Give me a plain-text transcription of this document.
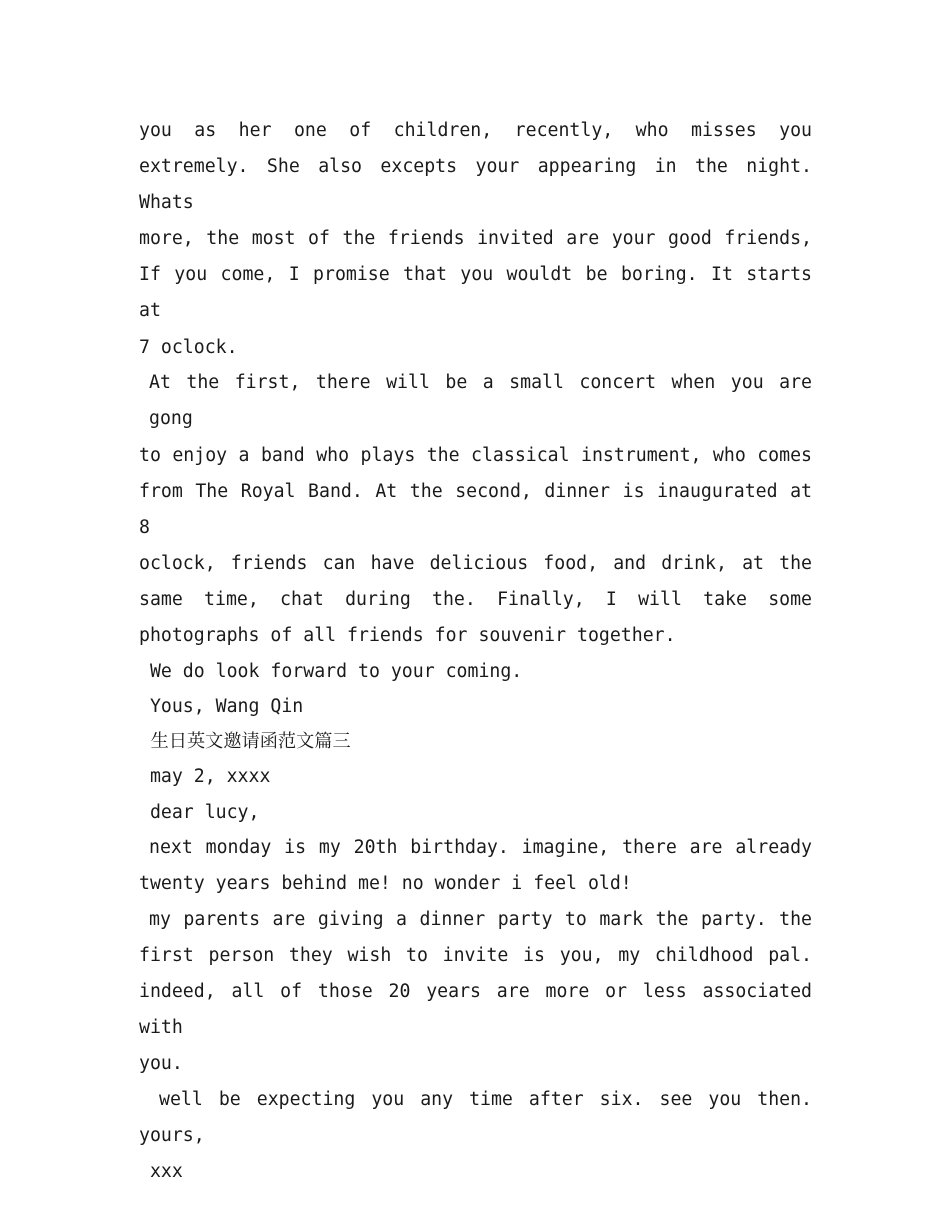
you as her one of children, recently, who misses you
extremely. She also excepts your appearing in the night. Whats
more, the most of the friends invited are your good friends,
If you come, I promise that you wouldt be boring. It starts at
7 oclock.
At the first, there will be a small concert when you are gong
to enjoy a band who plays the classical instrument, who comes
from The Royal Band. At the second, dinner is inaugurated at 8
oclock, friends can have delicious food, and drink, at the
same time, chat during the. Finally, I will take some
photographs of all friends for souvenir together.
We do look forward to your coming.
Yous, Wang Qin
生日英文邀请函范文篇三
may 2, xxxx
dear lucy,
next monday is my 20th birthday. imagine, there are already
twenty years behind me! no wonder i feel old!
my parents are giving a dinner party to mark the party. the
first person they wish to invite is you, my childhood pal.
indeed, all of those 20 years are more or less associated with
you.
well be expecting you any time after six. see you then.
yours,
xxx
